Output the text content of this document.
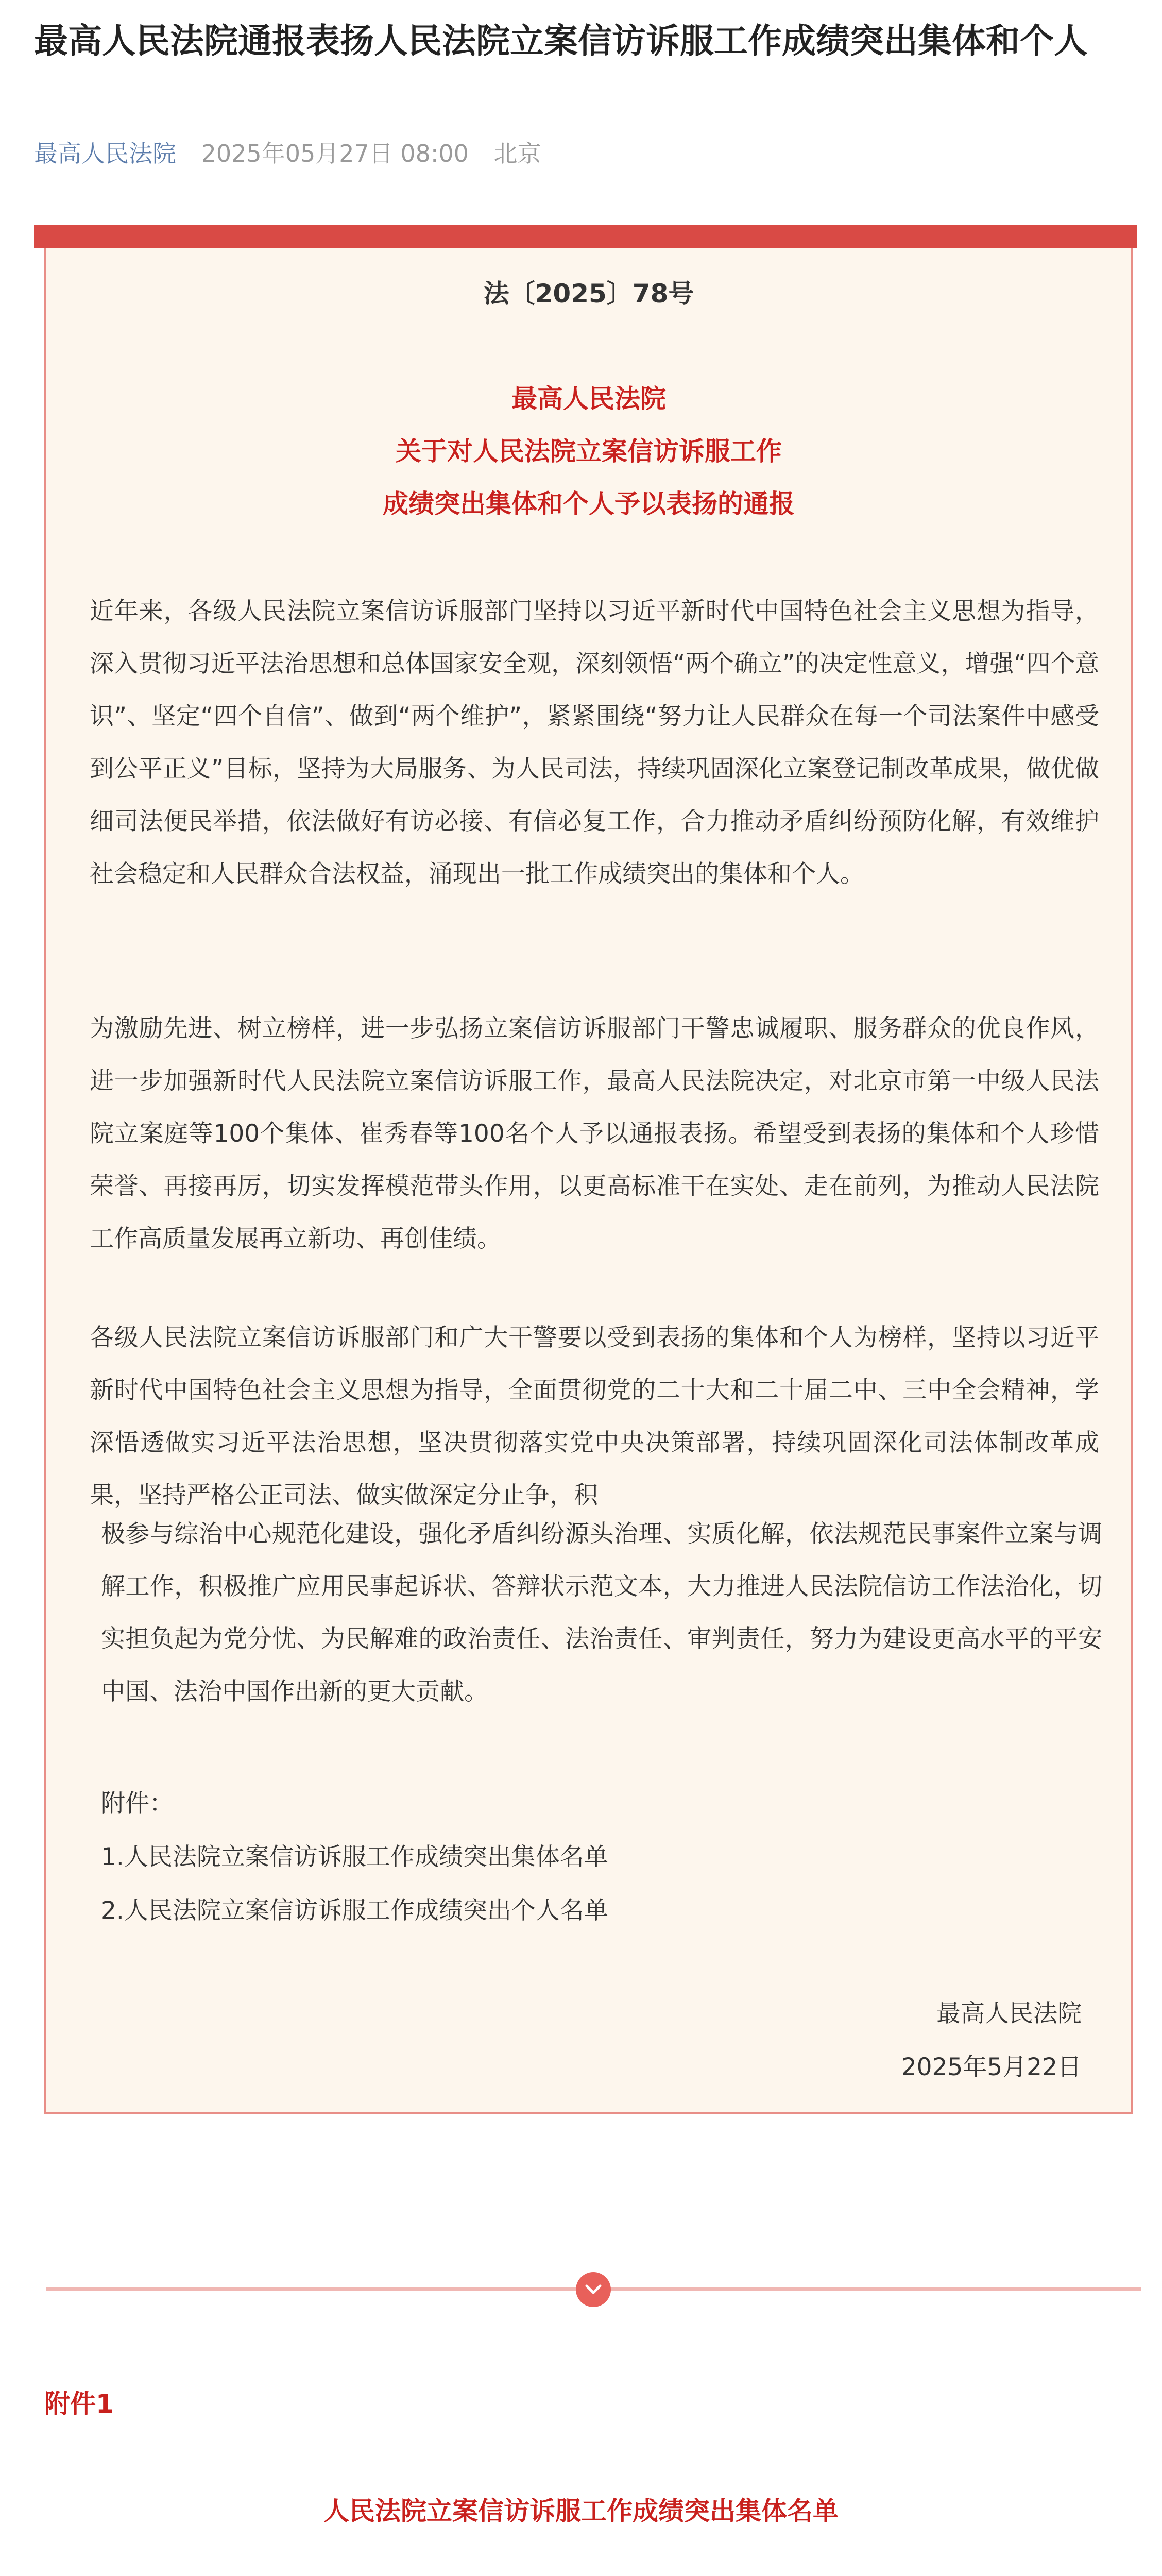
最高人民法院通报表扬人民法院立案信访诉服工作成绩突出集体和个人
最高人民法院 2025年05月27日 08:00 北京
法〔2025〕78号
最高人民法院
关于对人民法院立案信访诉服工作
成绩突出集体和个人予以表扬的通报

近年来，各级人民法院立案信访诉服部门坚持以习近平新时代中国特色社会主义思想为指导，深入贯彻习近平法治思想和总体国家安全观，深刻领悟“两个确立”的决定性意义，增强“四个意识”、坚定“四个自信”、做到“两个维护”，紧紧围绕“努力让人民群众在每一个司法案件中感受到公平正义”目标，坚持为大局服务、为人民司法，持续巩固深化立案登记制改革成果，做优做细司法便民举措，依法做好有访必接、有信必复工作，合力推动矛盾纠纷预防化解，有效维护社会稳定和人民群众合法权益，涌现出一批工作成绩突出的集体和个人。

为激励先进、树立榜样，进一步弘扬立案信访诉服部门干警忠诚履职、服务群众的优良作风，进一步加强新时代人民法院立案信访诉服工作，最高人民法院决定，对北京市第一中级人民法院立案庭等100个集体、崔秀春等100名个人予以通报表扬。希望受到表扬的集体和个人珍惜荣誉、再接再厉，切实发挥模范带头作用，以更高标准干在实处、走在前列，为推动人民法院工作高质量发展再立新功、再创佳绩。

各级人民法院立案信访诉服部门和广大干警要以受到表扬的集体和个人为榜样，坚持以习近平新时代中国特色社会主义思想为指导，全面贯彻党的二十大和二十届二中、三中全会精神，学深悟透做实习近平法治思想，坚决贯彻落实党中央决策部署，持续巩固深化司法体制改革成果，坚持严格公正司法、做实做深定分止争，积

极参与综治中心规范化建设，强化矛盾纠纷源头治理、实质化解，依法规范民事案件立案与调解工作，积极推广应用民事起诉状、答辩状示范文本，大力推进人民法院信访工作法治化，切实担负起为党分忧、为民解难的政治责任、法治责任、审判责任，努力为建设更高水平的平安中国、法治中国作出新的更大贡献。

附件：
1.人民法院立案信访诉服工作成绩突出集体名单
2.人民法院立案信访诉服工作成绩突出个人名单
最高人民法院
2025年5月22日
附件1
人民法院立案信访诉服工作成绩突出集体名单
